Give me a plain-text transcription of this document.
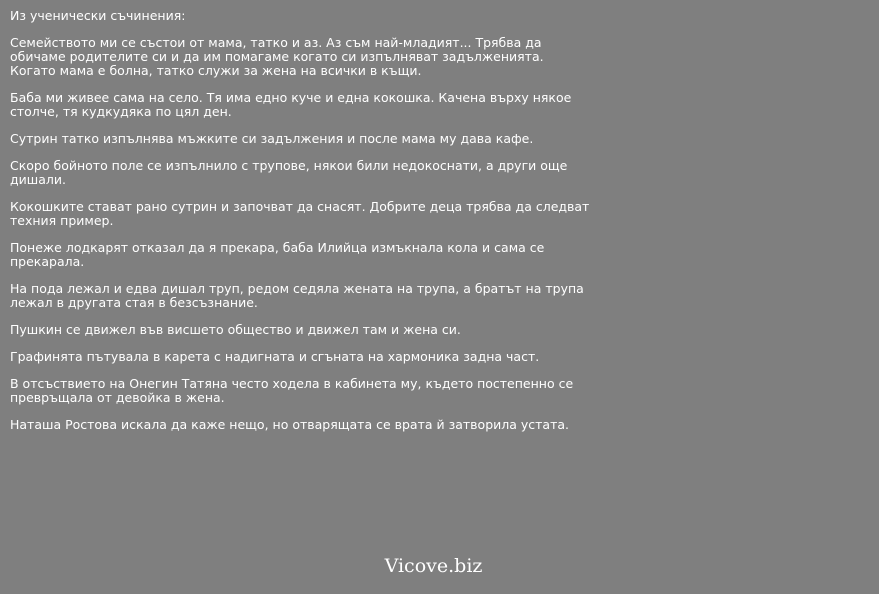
Из ученически съчинения:
Семейството ми се състои от мама, татко и аз. Аз съм най-младият... Трябва да обичаме родителите си и да им помагаме когато си изпълняват задълженията. Когато мама е болна, татко служи за жена на всички в къщи.
Баба ми живее сама на село. Тя има едно куче и една кокошка. Качена върху някое столче, тя кудкудяка по цял ден.
Сутрин татко изпълнява мъжките си задължения и после мама му дава кафе.
Скоро бойното поле се изпълнило с трупове, някои били недокоснати, а други още дишали.
Кокошките стават рано сутрин и започват да снасят. Добрите деца трябва да следват техния пример.
Понеже лодкарят отказал да я прекара, баба Илийца измъкнала кола и сама се прекарала.
На пода лежал и едва дишал труп, редом седяла жената на трупа, а братът на трупа лежал в другата стая в безсъзнание.
Пушкин се движел във висшето общество и движел там и жена си.
Графинята пътувала в карета с надигната и сгъната на хармоника задна част.
В отсъствието на Онегин Татяна често ходела в кабинета му, където постепенно се превръщала от девойка в жена.
Наташа Ростова искала да каже нещо, но отварящата се врата й затворила устата.
Vicove.biz
